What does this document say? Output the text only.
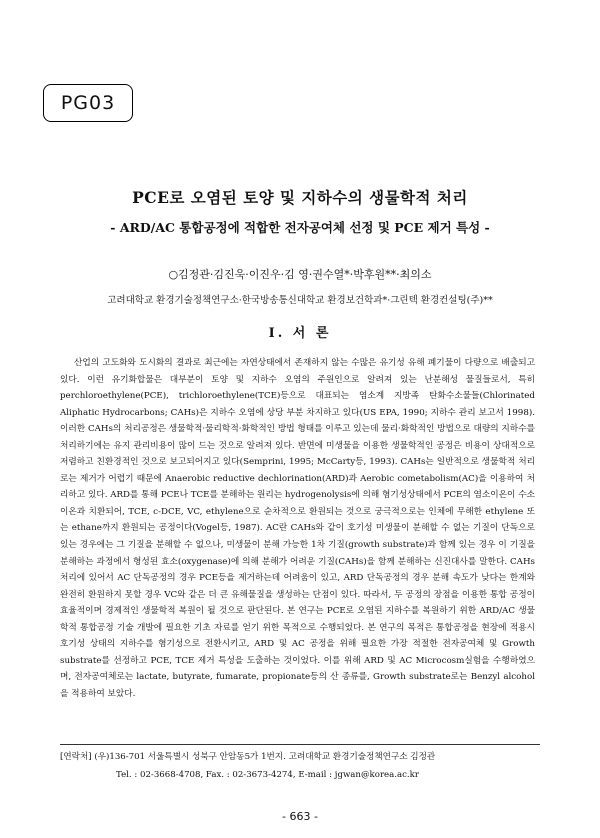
PG03
PCE로 오염된 토양 및 지하수의 생물학적 처리
- ARD/AC 통합공정에 적합한 전자공여체 선정 및 PCE 제거 특성 -
○김정관·김진욱·이진우·김 영·권수열*·박후원**·최의소
고려대학교 환경기술정책연구소·한국방송통신대학교 환경보건학과*·그린텍 환경컨설팅(주)**
I. 서 론

산업의 고도화와 도시화의 결과로 최근에는 자연상태에서 존재하지 않는 수많은 유기성 유해 폐기물이 다량으로 배출되고 있다. 이런 유기화합물은 대부분이 토양 및 지하수 오염의 주원인으로 알려져 있는 난분해성 물질들로서, 특히 perchloroethylene(PCE), trichloroethylene(TCE)등으로 대표되는 염소계 지방족 탄화수소물들(Chlorinated Aliphatic Hydrocarbons; CAHs)은 지하수 오염에 상당 부분 차지하고 있다(US EPA, 1990; 지하수 관리 보고서 1998). 이러한 CAHs의 처리공정은 생물학적·물리학적·화학적인 방법 형태를 이루고 있는데 물리·화학적인 방법으로 대량의 지하수를 처리하기에는 유지 관리비용이 많이 드는 것으로 알려져 있다. 반면에 미생물을 이용한 생물학적인 공정은 비용이 상대적으로 저렴하고 친환경적인 것으로 보고되어지고 있다(Semprini, 1995; McCarty등, 1993). CAHs는 일반적으로 생물학적 처리로는 제거가 어렵기 때문에 Anaerobic reductive dechlorination(ARD)과 Aerobic cometabolism(AC)을 이용하여 처리하고 있다. ARD를 통해 PCE나 TCE를 분해하는 원리는 hydrogenolysis에 의해 혐기성상태에서 PCE의 염소이온이 수소이온과 치환되어, TCE, c-DCE, VC, ethylene으로 순차적으로 환원되는 것으로 궁극적으로는 인체에 무해한 ethylene 또는 ethane까지 환원되는 공정이다(Vogel등, 1987). AC란 CAHs와 같이 호기성 미생물이 분해할 수 없는 기질이 단독으로 있는 경우에는 그 기질을 분해할 수 없으나, 미생물이 분해 가능한 1차 기질(growth substrate)과 함께 있는 경우 이 기질을 분해하는 과정에서 형성된 효소(oxygenase)에 의해 분해가 어려운 기질(CAHs)을 함께 분해하는 신진대사를 말한다. CAHs 처리에 있어서 AC 단독공정의 경우 PCE등을 제거하는데 어려움이 있고, ARD 단독공정의 경우 분해 속도가 낮다는 한계와 완전히 환원하지 못할 경우 VC와 같은 더 큰 유해물질을 생성하는 단점이 있다. 따라서, 두 공정의 장점을 이용한 통합 공정이 효율적이며 경제적인 생물학적 복원이 될 것으로 판단된다. 본 연구는 PCE로 오염된 지하수를 복원하기 위한 ARD/AC 생물학적 통합공정 기술 개발에 필요한 기초 자료를 얻기 위한 목적으로 수행되었다. 본 연구의 목적은 통합공정을 현장에 적용시 호기성 상태의 지하수를 혐기성으로 전환시키고, ARD 및 AC 공정을 위해 필요한 가장 적절한 전자공여체 및 Growth substrate를 선정하고 PCE, TCE 제거 특성을 도출하는 것이었다. 이를 위해 ARD 및 AC Microcosm실험을 수행하였으며, 전자공여체로는 lactate, butyrate, fumarate, propionate등의 산 종류를, Growth substrate로는 Benzyl alcohol을 적용하여 보았다.

[연락처] (우)136-701 서울특별시 성북구 안암동5가 1번지. 고려대학교 환경기술정책연구소 김정관
Tel. : 02-3668-4708, Fax. : 02-3673-4274, E-mail : jgwan@korea.ac.kr
- 663 -
